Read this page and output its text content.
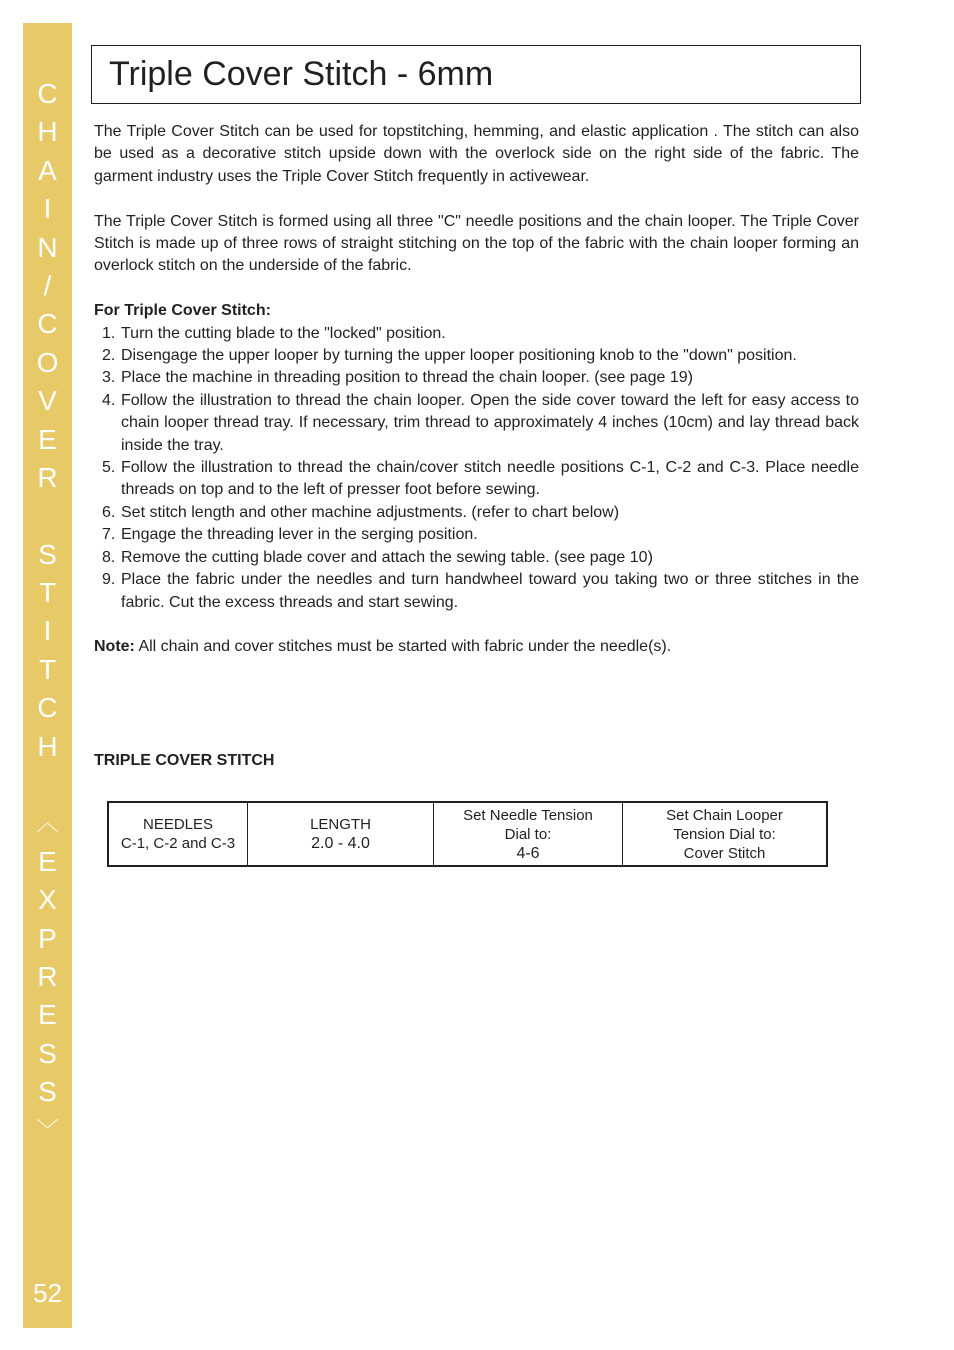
C
H
A
I
N
/
C
O
V
E
R
S
T
I
T
C
H
︿
E
X
P
R
E
S
S
﹀
52
Triple Cover Stitch - 6mm

The Triple Cover Stitch can be used for topstitching, hemming, and elastic application . The stitch can also be used as a decorative stitch upside down with the overlock side on the right side of the fabric. The garment industry uses the Triple Cover Stitch frequently in activewear.

The Triple Cover Stitch is formed using all three "C" needle positions and the chain looper. The Triple Cover Stitch is made up of three rows of straight stitching on the top of the fabric with the chain looper forming an overlock stitch on the underside of the fabric.

For Triple Cover Stitch:

1. Turn the cutting blade to the "locked" position.
2. Disengage the upper looper by turning the upper looper positioning knob to the "down" position.
3. Place the machine in threading position to thread the chain looper. (see page 19)
4. Follow the illustration to thread the chain looper. Open the side cover toward the left for easy access to chain looper thread tray. If necessary, trim thread to approximately 4 inches (10cm) and lay thread back inside the tray.
5. Follow the illustration to thread the chain/cover stitch needle positions C-1, C-2 and C-3. Place needle threads on top and to the left of presser foot before sewing.
6. Set stitch length and other machine adjustments. (refer to chart below)
7. Engage the threading lever in the serging position.
8. Remove the cutting blade cover and attach the sewing table. (see page 10)
9. Place the fabric under the needles and turn handwheel toward you taking two or three stitches in the fabric. Cut the excess threads and start sewing.

Note: All chain and cover stitches must be started with fabric under the needle(s).

TRIPLE COVER STITCH
NEEDLES
C-1, C-2 and C-3

LENGTH
2.0 - 4.0

Set Needle Tension
Dial to:
4-6

Set Chain Looper
Tension Dial to:
Cover Stitch
